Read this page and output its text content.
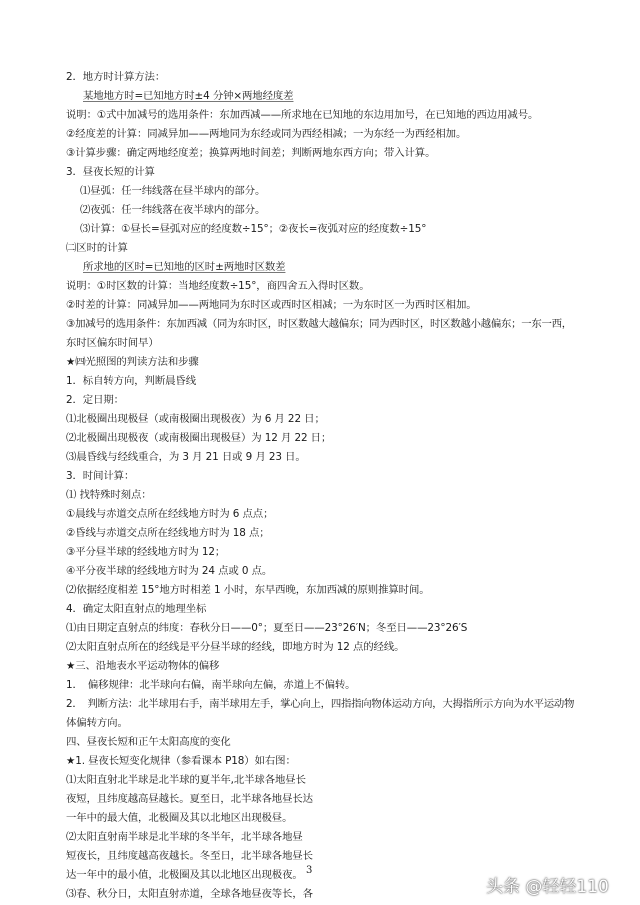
2．地方时计算方法：
某地地方时=已知地方时±4 分钟×两地经度差
说明：①式中加减号的选用条件：东加西减——所求地在已知地的东边用加号，在已知地的西边用减号。
②经度差的计算：同减异加——两地同为东经或同为西经相减；一为东经一为西经相加。
③计算步骤：确定两地经度差；换算两地时间差；判断两地东西方向；带入计算。
3．昼夜长短的计算
⑴昼弧：任一纬线落在昼半球内的部分。
⑵夜弧：任一纬线落在夜半球内的部分。
⑶计算：①昼长=昼弧对应的经度数÷15°；②夜长=夜弧对应的经度数÷15°
㈡区时的计算
所求地的区时=已知地的区时±两地时区数差
说明：①时区数的计算：当地经度数÷15°，商四舍五入得时区数。
②时差的计算：同减异加——两地同为东时区或西时区相减；一为东时区一为西时区相加。
③加减号的选用条件：东加西减（同为东时区，时区数越大越偏东；同为西时区，时区数越小越偏东；一东一西，
东时区偏东时间早）
★㈣光照图的判读方法和步骤
1．标自转方向，判断晨昏线
2．定日期：
⑴北极圈出现极昼（或南极圈出现极夜）为 6 月 22 日；
⑵北极圈出现极夜（或南极圈出现极昼）为 12 月 22 日；
⑶晨昏线与经线重合，为 3 月 21 日或 9 月 23 日。
3．时间计算：
⑴ 找特殊时刻点：
①晨线与赤道交点所在经线地方时为 6 点点；
②昏线与赤道交点所在经线地方时为 18 点；
③平分昼半球的经线地方时为 12；
④平分夜半球的经线地方时为 24 点或 0 点。
⑵依据经度相差 15°地方时相差 1 小时，东早西晚，东加西减的原则推算时间。
4．确定太阳直射点的地理坐标
⑴由日期定直射点的纬度：春秋分日——0°；夏至日——23°26′N；冬至日——23°26′S
⑵太阳直射点所在的经线是平分昼半球的经线，即地方时为 12 点的经线。
★三、沿地表水平运动物体的偏移
1．　偏移规律：北半球向右偏，南半球向左偏，赤道上不偏转。
2．　判断方法：北半球用右手，南半球用左手，掌心向上，四指指向物体运动方向，大拇指所示方向为水平运动物
体偏转方向。
四、昼夜长短和正午太阳高度的变化
★1. 昼夜长短变化规律（参看课本 P18）如右图：
⑴太阳直射北半球是北半球的夏半年,北半球各地昼长
夜短，且纬度越高昼越长。夏至日，北半球各地昼长达
一年中的最大值，北极圈及其以北地区出现极昼。
⑵太阳直射南半球是北半球的冬半年，北半球各地昼
短夜长，且纬度越高夜越长。冬至日，北半球各地昼长
达一年中的最小值，北极圈及其以北地区出现极夜。
⑶春、秋分日，太阳直射赤道，全球各地昼夜等长，各
3
头条 @轻轻110
